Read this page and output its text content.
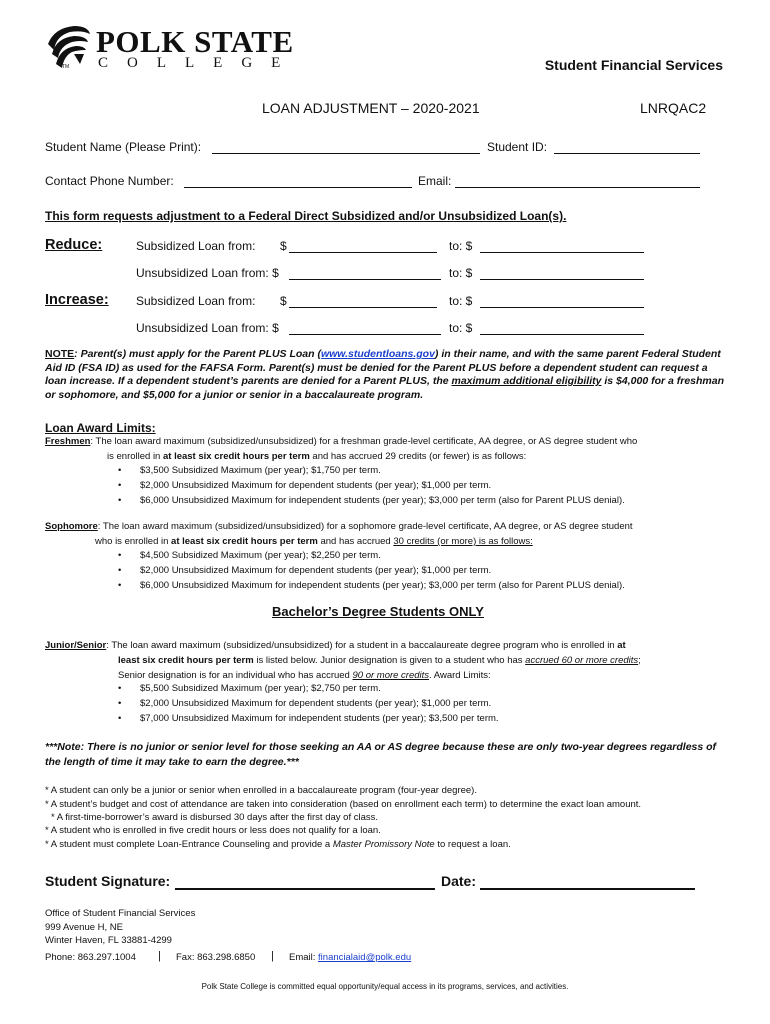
POLK STATE
COLLEGE
TM	Student Financial Services
LOAN ADJUSTMENT – 2020-2021	LNRQAC2
Student Name (Please Print):	Student ID:
Contact Phone Number:	Email:
This form requests adjustment to a Federal Direct Subsidized and/or Unsubsidized Loan(s).
Reduce:	Subsidized Loan from: $	to: $
Unsubsidized Loan from: $	to: $
Increase: Subsidized Loan from: $	to: $
Unsubsidized Loan from: $	to: $
NOTE: Parent(s) must apply for the Parent PLUS Loan (www.studentloans.gov) in their name, and with the same parent Federal Student Aid ID (FSA ID) as used for the FAFSA Form. Parent(s) must be denied for the Parent PLUS before a dependent student can request a loan increase. If a dependent student’s parents are denied for a Parent PLUS, the maximum additional eligibility is $4,000 for a freshman or sophomore, and $5,000 for a junior or senior in a baccalaureate program.
Loan Award Limits:
Freshmen: The loan award maximum (subsidized/unsubsidized) for a freshman grade-level certificate, AA degree, or AS degree student who
is enrolled in at least six credit hours per term and has accrued 29 credits (or fewer) is as follows:
• $3,500 Subsidized Maximum (per year); $1,750 per term.
• $2,000 Unsubsidized Maximum for dependent students (per year); $1,000 per term.
• $6,000 Unsubsidized Maximum for independent students (per year); $3,000 per term (also for Parent PLUS denial).
Sophomore: The loan award maximum (subsidized/unsubsidized) for a sophomore grade-level certificate, AA degree, or AS degree student
who is enrolled in at least six credit hours per term and has accrued 30 credits (or more) is as follows:
• $4,500 Subsidized Maximum (per year); $2,250 per term.
• $2,000 Unsubsidized Maximum for dependent students (per year); $1,000 per term.
• $6,000 Unsubsidized Maximum for independent students (per year); $3,000 per term (also for Parent PLUS denial).
Bachelor’s Degree Students ONLY
Junior/Senior: The loan award maximum (subsidized/unsubsidized) for a student in a baccalaureate degree program who is enrolled in at
least six credit hours per term is listed below. Junior designation is given to a student who has accrued 60 or more credits;
Senior designation is for an individual who has accrued 90 or more credits. Award Limits:
• $5,500 Subsidized Maximum (per year); $2,750 per term.
• $2,000 Unsubsidized Maximum for dependent students (per year); $1,000 per term.
• $7,000 Unsubsidized Maximum for independent students (per year); $3,500 per term.
***Note: There is no junior or senior level for those seeking an AA or AS degree because these are only two-year degrees regardless of the length of time it may take to earn the degree.***
* A student can only be a junior or senior when enrolled in a baccalaureate program (four-year degree).
* A student’s budget and cost of attendance are taken into consideration (based on enrollment each term) to determine the exact loan amount.
* A first-time-borrower’s award is disbursed 30 days after the first day of class.
* A student who is enrolled in five credit hours or less does not qualify for a loan.
* A student must complete Loan-Entrance Counseling and provide a Master Promissory Note to request a loan.
Student Signature:	Date:
Office of Student Financial Services
999 Avenue H, NE
Winter Haven, FL 33881-4299
Phone: 863.297.1004 | Fax: 863.298.6850 | Email: financialaid@polk.edu
Polk State College is committed equal opportunity/equal access in its programs, services, and activities.
